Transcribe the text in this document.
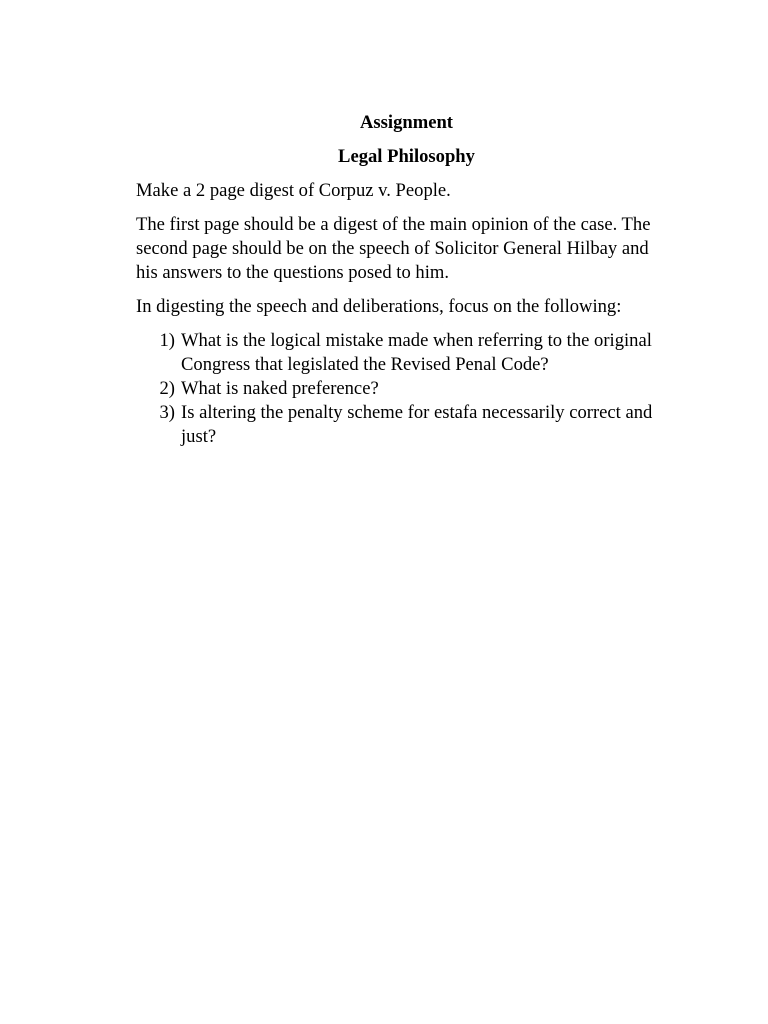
Assignment

Legal Philosophy

Make a 2 page digest of Corpuz v. People.

The first page should be a digest of the main opinion of the case. The second page should be on the speech of Solicitor General Hilbay and his answers to the questions posed to him.

In digesting the speech and deliberations, focus on the following:

1) What is the logical mistake made when referring to the original Congress that legislated the Revised Penal Code?
2) What is naked preference?
3) Is altering the penalty scheme for estafa necessarily correct and just?
